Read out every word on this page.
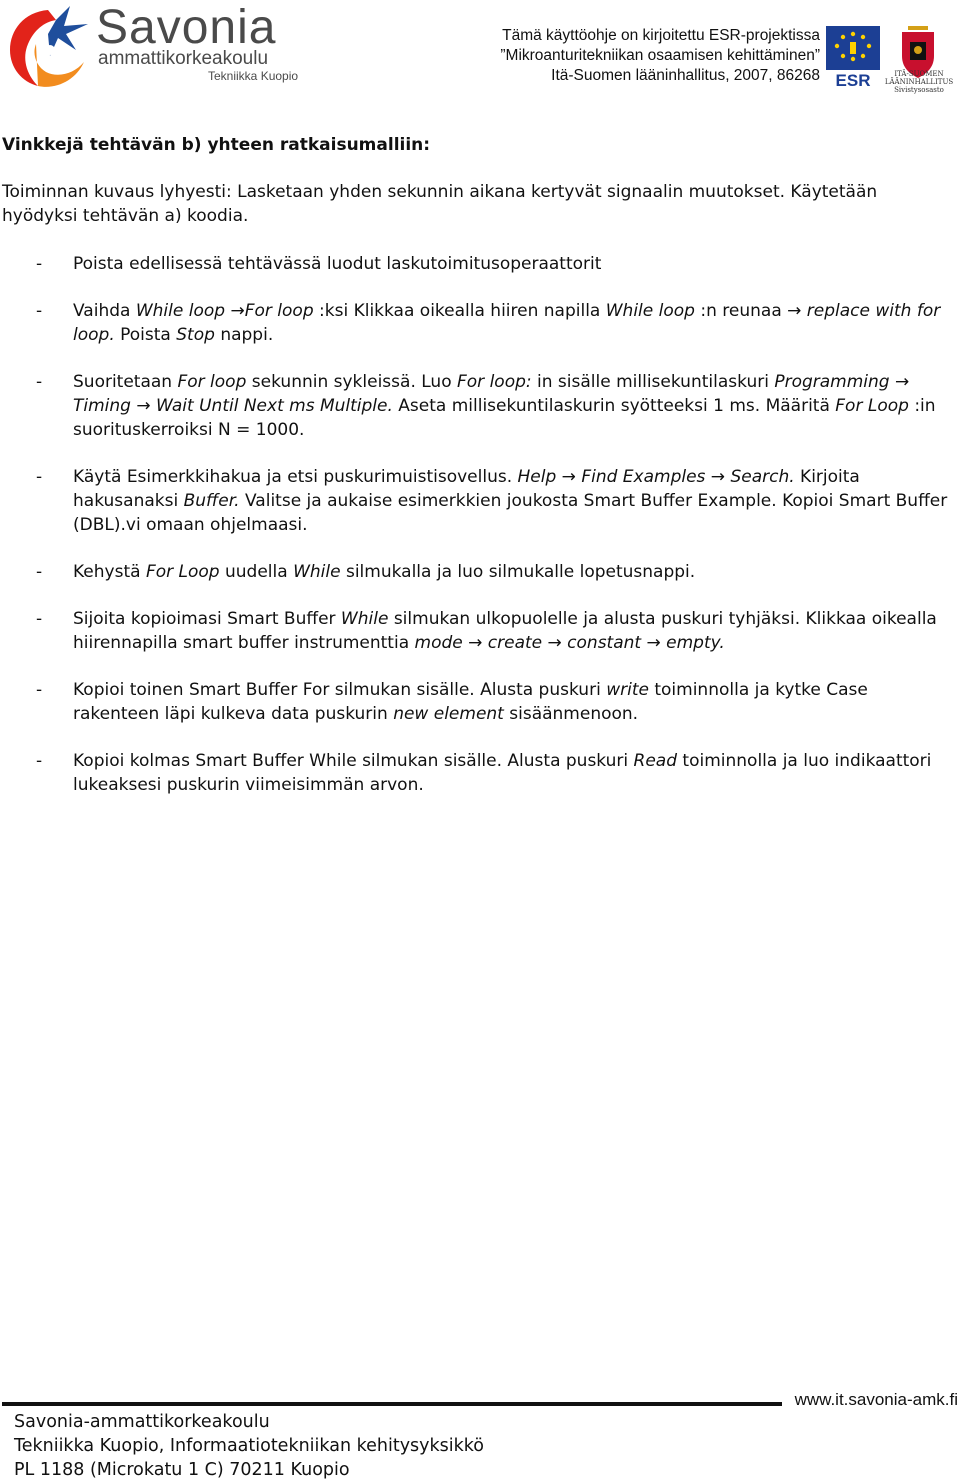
Savonia
ammattikorkeakoulu
Tekniikka Kuopio
Tämä käyttöohje on kirjoitettu ESR-projektissa
”Mikroanturitekniikan osaamisen kehittäminen”
Itä-Suomen lääninhallitus, 2007, 86268 ESR	ITÄ-SUOMEN
LÄÄNINHALLITUS
Sivistysosasto
Vinkkejä tehtävän b) yhteen ratkaisumalliin:
Toiminnan kuvaus lyhyesti: Lasketaan yhden sekunnin aikana kertyvät signaalin muutokset. Käytetään hyödyksi tehtävän a) koodia.
- Poista edellisessä tehtävässä luodut laskutoimitusoperaattorit
- Vaihda While loop →For loop :ksi Klikkaa oikealla hiiren napilla While loop :n reunaa → replace with for loop. Poista Stop nappi.
- Suoritetaan For loop sekunnin sykleissä. Luo For loop: in sisälle millisekuntilaskuri Programming → Timing → Wait Until Next ms Multiple. Aseta millisekuntilaskurin syötteeksi 1 ms. Määritä For Loop :in suorituskerroiksi N = 1000.
- Käytä Esimerkkihakua ja etsi puskurimuistisovellus. Help → Find Examples → Search. Kirjoita hakusanaksi Buffer. Valitse ja aukaise esimerkkien joukosta Smart Buffer Example. Kopioi Smart Buffer (DBL).vi omaan ohjelmaasi.
- Kehystä For Loop uudella While silmukalla ja luo silmukalle lopetusnappi.
- Sijoita kopioimasi Smart Buffer While silmukan ulkopuolelle ja alusta puskuri tyhjäksi. Klikkaa oikealla hiirennapilla smart buffer instrumenttia mode → create → constant → empty.
- Kopioi toinen Smart Buffer For silmukan sisälle. Alusta puskuri write toiminnolla ja kytke Case rakenteen läpi kulkeva data puskurin new element sisäänmenoon.
- Kopioi kolmas Smart Buffer While silmukan sisälle. Alusta puskuri Read toiminnolla ja luo indikaattori lukeaksesi puskurin viimeisimmän arvon.
www.it.savonia-amk.fi
Savonia-ammattikorkeakoulu
Tekniikka Kuopio, Informaatiotekniikan kehitysyksikkö
PL 1188 (Microkatu 1 C) 70211 Kuopio
